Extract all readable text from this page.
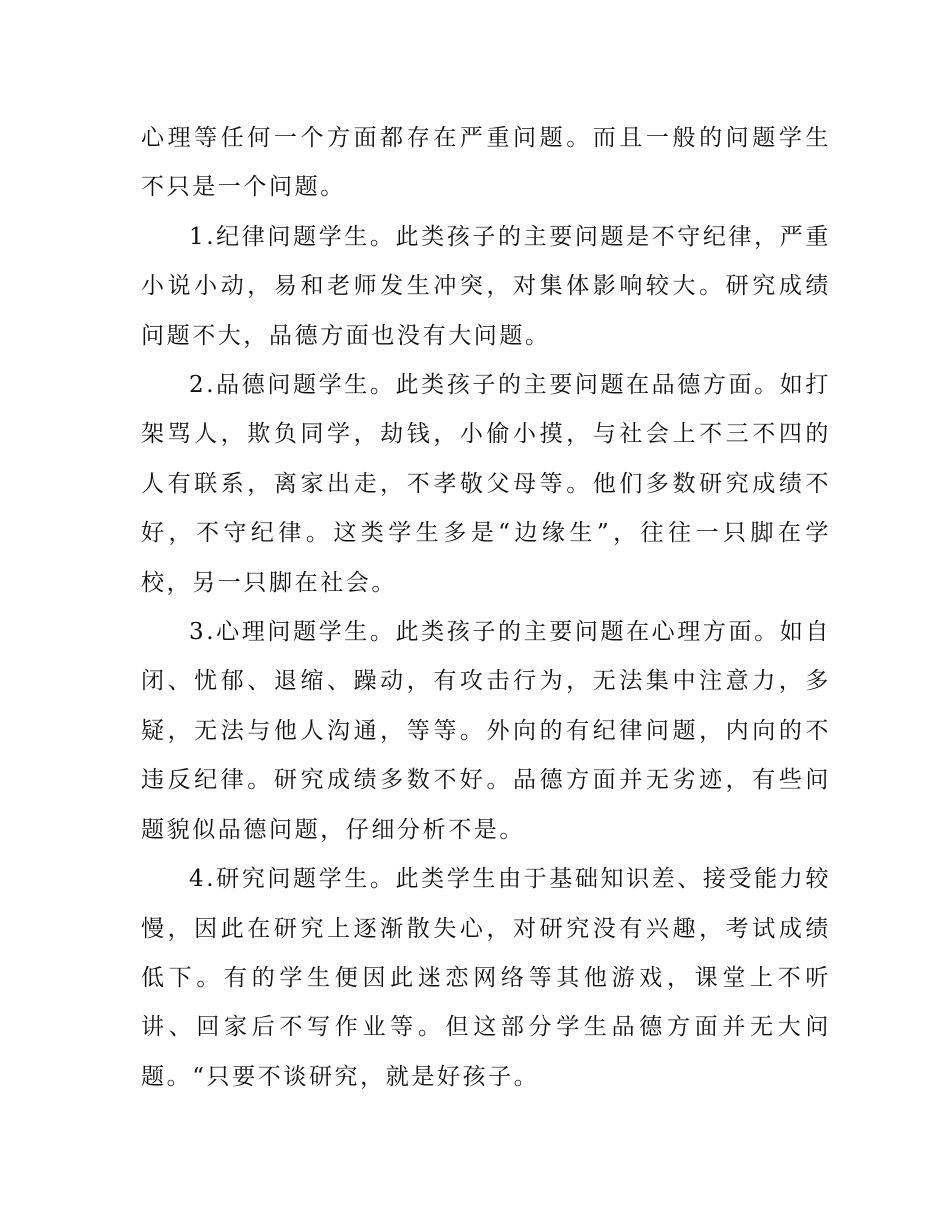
心理等任何一个方面都存在严重问题。而且一般的问题学生不只是一个问题。

1.纪律问题学生。此类孩子的主要问题是不守纪律，严重小说小动，易和老师发生冲突，对集体影响较大。研究成绩问题不大，品德方面也没有大问题。

2.品德问题学生。此类孩子的主要问题在品德方面。如打架骂人，欺负同学，劫钱，小偷小摸，与社会上不三不四的人有联系，离家出走，不孝敬父母等。他们多数研究成绩不好，不守纪律。这类学生多是“边缘生”，往往一只脚在学校，另一只脚在社会。

3.心理问题学生。此类孩子的主要问题在心理方面。如自闭、忧郁、退缩、躁动，有攻击行为，无法集中注意力，多疑，无法与他人沟通，等等。外向的有纪律问题，内向的不违反纪律。研究成绩多数不好。品德方面并无劣迹，有些问题貌似品德问题，仔细分析不是。

4.研究问题学生。此类学生由于基础知识差、接受能力较慢，因此在研究上逐渐散失心，对研究没有兴趣，考试成绩低下。有的学生便因此迷恋网络等其他游戏，课堂上不听讲、回家后不写作业等。但这部分学生品德方面并无大问题。“只要不谈研究，就是好孩子。
